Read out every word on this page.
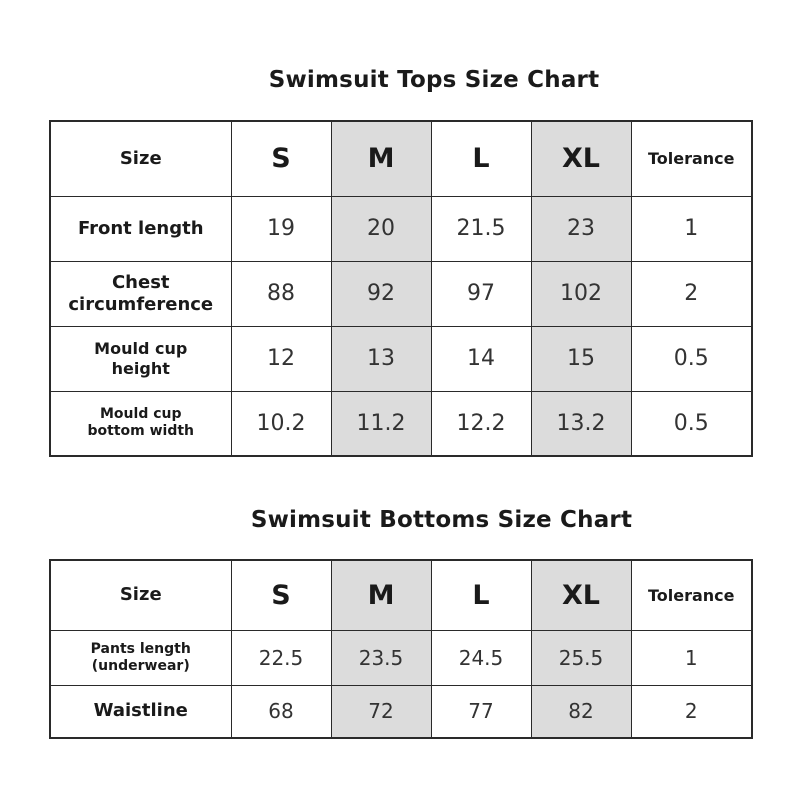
Swimsuit Tops Size Chart
Size	S	M	L	XL	Tolerance
Front length	19	20	21.5	23	1

Chest
circumference	88	92	97	102	2

Mould cup
height	12	13	14	15	0.5

Mould cup
bottom width	10.2	11.2	12.2	13.2	0.5
Swimsuit Bottoms Size Chart
Size	S	M	L	XL	Tolerance

Pants length
(underwear)	22.5	23.5	24.5	25.5	1
Waistline	68	72	77	82	2
